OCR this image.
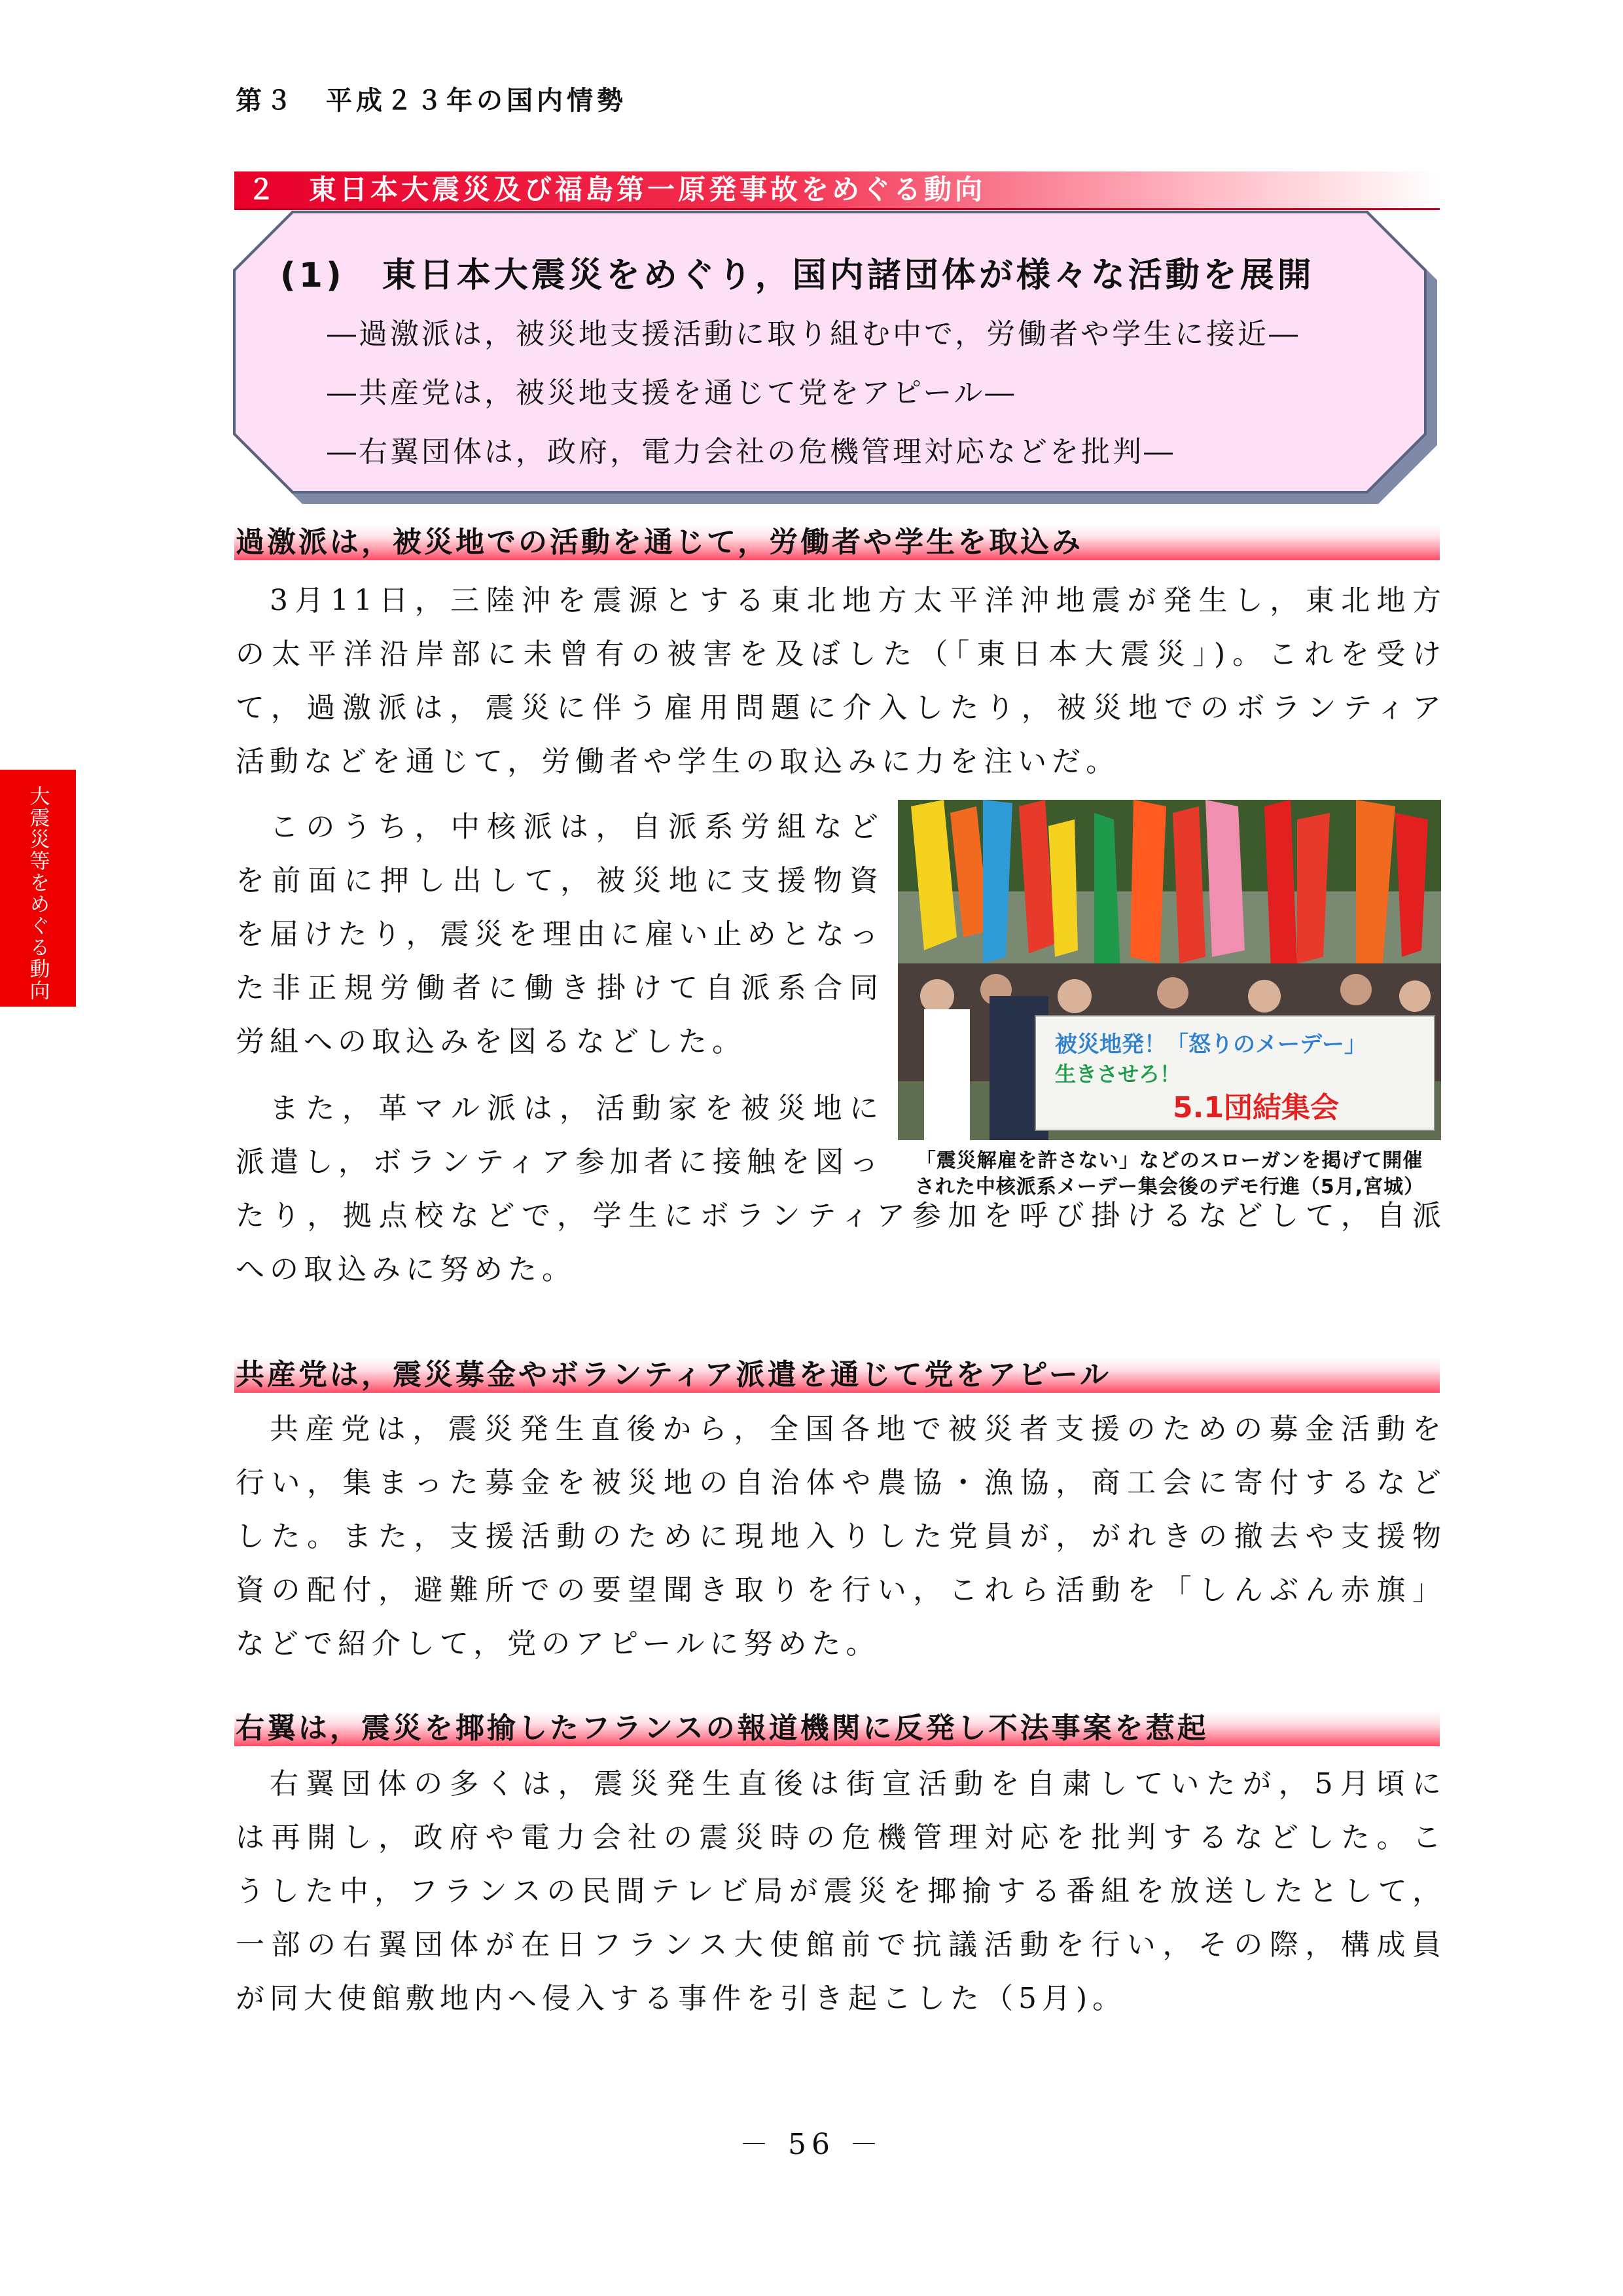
第３　平成２３年の国内情勢
２　東日本大震災及び福島第一原発事故をめぐる動向
(1)　東日本大震災をめぐり，国内諸団体が様々な活動を展開
―過激派は，被災地支援活動に取り組む中で，労働者や学生に接近―
―共産党は，被災地支援を通じて党をアピール―
―右翼団体は，政府，電力会社の危機管理対応などを批判―
大震災等をめぐる動向
過激派は，被災地での活動を通じて，労働者や学生を取込み
3月11日，三陸沖を震源とする東北地方太平洋沖地震が発生し，東北地方
の太平洋沿岸部に未曾有の被害を及ぼした（「東日本大震災」)。これを受け
て，過激派は，震災に伴う雇用問題に介入したり，被災地でのボランティア
活動などを通じて，労働者や学生の取込みに力を注いだ。
このうち，中核派は，自派系労組など
を前面に押し出して，被災地に支援物資
を届けたり，震災を理由に雇い止めとなっ
た非正規労働者に働き掛けて自派系合同
労組への取込みを図るなどした。
また，革マル派は，活動家を被災地に
派遣し，ボランティア参加者に接触を図っ
たり，拠点校などで，学生にボランティア参加を呼び掛けるなどして，自派
への取込みに努めた。
被災地発！「怒りのメーデー」
生きさせろ！
5.1団結集会
「震災解雇を許さない」などのスローガンを掲げて開催
された中核派系メーデー集会後のデモ行進（5月,宮城）
共産党は，震災募金やボランティア派遣を通じて党をアピール
共産党は，震災発生直後から，全国各地で被災者支援のための募金活動を
行い，集まった募金を被災地の自治体や農協・漁協，商工会に寄付するなど
した。また，支援活動のために現地入りした党員が，がれきの撤去や支援物
資の配付，避難所での要望聞き取りを行い，これら活動を「しんぶん赤旗」
などで紹介して，党のアピールに努めた。
右翼は，震災を揶揄したフランスの報道機関に反発し不法事案を惹起
右翼団体の多くは，震災発生直後は街宣活動を自粛していたが，5月頃に
は再開し，政府や電力会社の震災時の危機管理対応を批判するなどした。こ
うした中，フランスの民間テレビ局が震災を揶揄する番組を放送したとして，
一部の右翼団体が在日フランス大使館前で抗議活動を行い，その際，構成員
が同大使館敷地内へ侵入する事件を引き起こした（5月)。
－ 56 －
